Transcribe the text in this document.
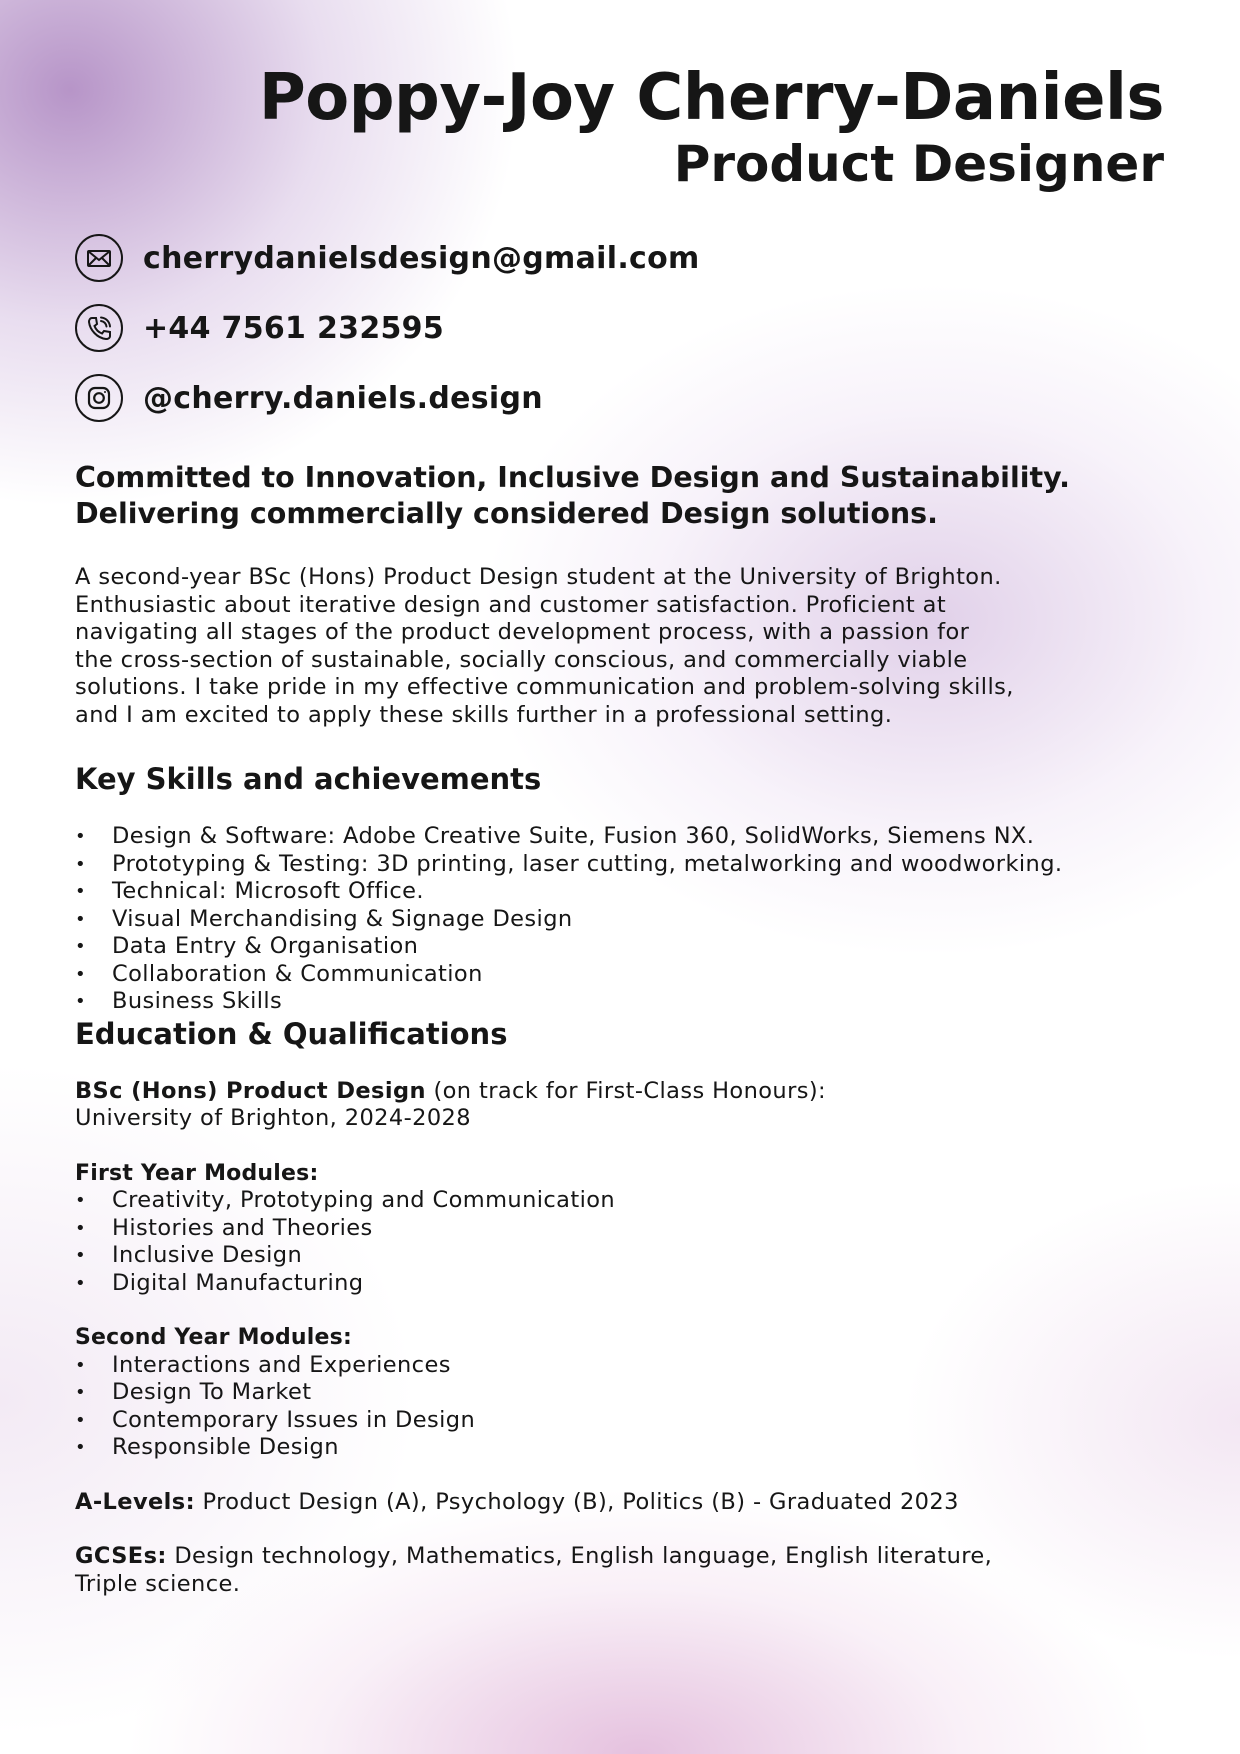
Poppy-Joy Cherry-Daniels
Product Designer
cherrydanielsdesign@gmail.com
+44 7561 232595
@cherry.daniels.design
Committed to Innovation, Inclusive Design and Sustainability.
Delivering commercially considered Design solutions.
A second-year BSc (Hons) Product Design student at the University of Brighton.
Enthusiastic about iterative design and customer satisfaction. Proficient at
navigating all stages of the product development process, with a passion for
the cross-section of sustainable, socially conscious, and commercially viable
solutions. I take pride in my effective communication and problem-solving skills,
and I am excited to apply these skills further in a professional setting.
Key Skills and achievements
• Design & Software: Adobe Creative Suite, Fusion 360, SolidWorks, Siemens NX.
• Prototyping & Testing: 3D printing, laser cutting, metalworking and woodworking.
• Technical: Microsoft Office.
• Visual Merchandising & Signage Design
• Data Entry & Organisation
• Collaboration & Communication
• Business Skills
Education & Qualifications
BSc (Hons) Product Design (on track for First-Class Honours):
University of Brighton, 2024-2028
First Year Modules:
• Creativity, Prototyping and Communication
• Histories and Theories
• Inclusive Design
• Digital Manufacturing
Second Year Modules:
• Interactions and Experiences
• Design To Market
• Contemporary Issues in Design
• Responsible Design
A-Levels: Product Design (A), Psychology (B), Politics (B) - Graduated 2023
GCSEs: Design technology, Mathematics, English language, English literature,
Triple science.
